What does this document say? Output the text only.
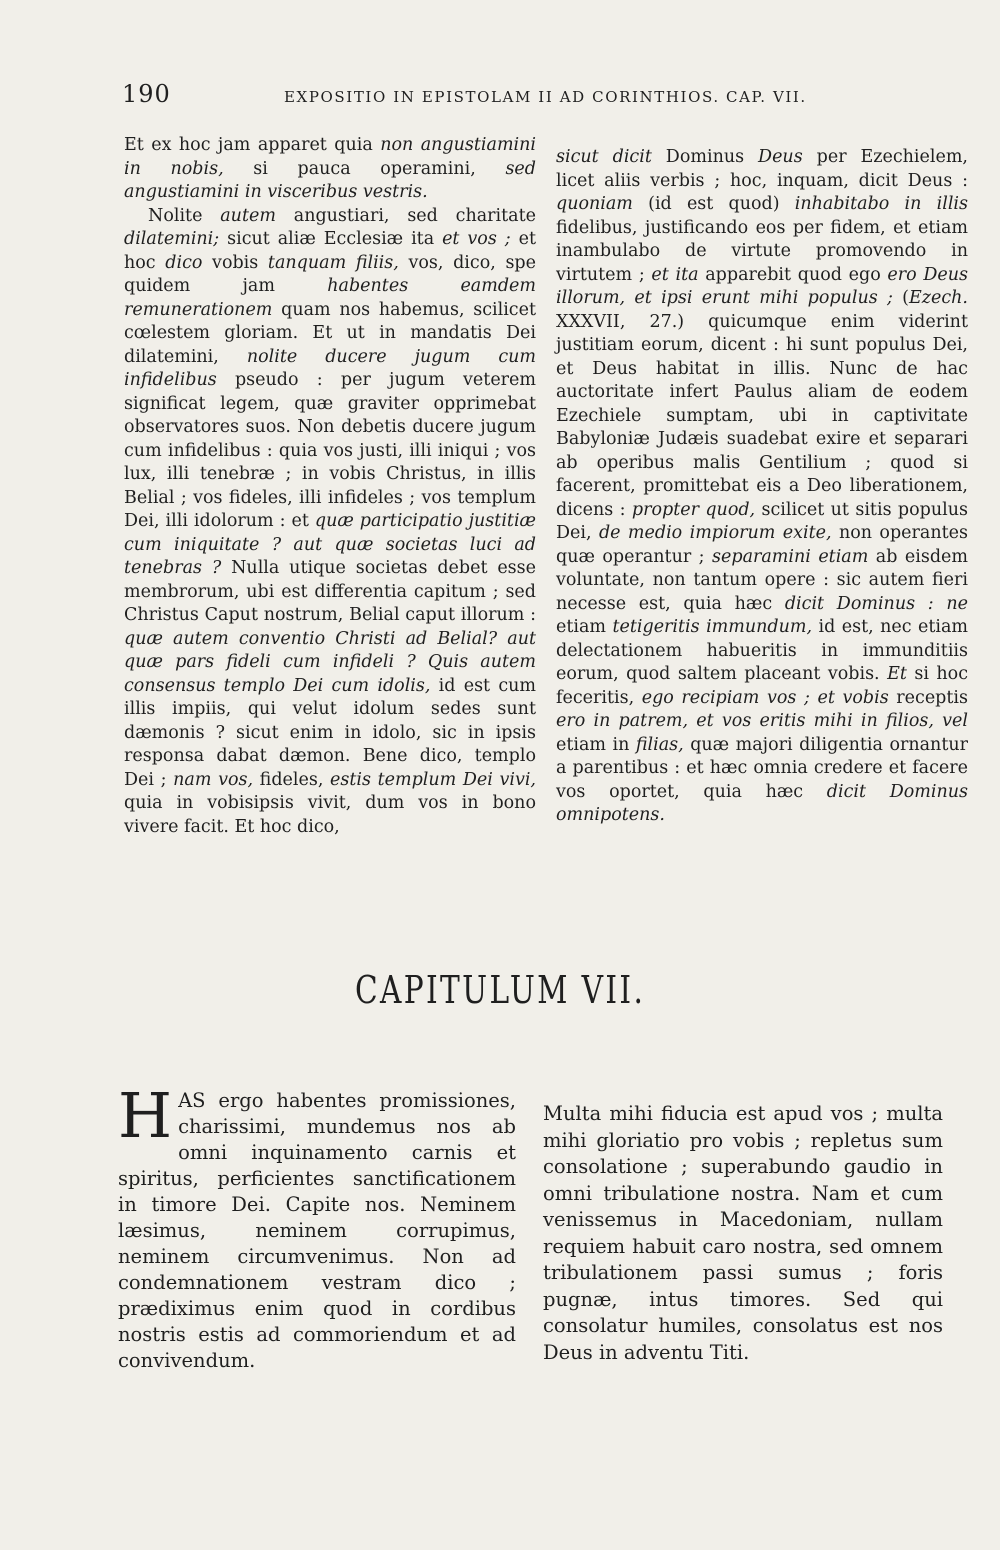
190	EXPOSITIO IN EPISTOLAM II AD CORINTHIOS. CAP. VII.

Et ex hoc jam apparet quia non angustiamini in nobis, si pauca operamini, sed angustiamini in visceribus vestris.

Nolite autem angustiari, sed charitate dilatemini; sicut aliæ Ecclesiæ ita et vos ; et hoc dico vobis tanquam filiis, vos, dico, spe quidem jam habentes eamdem remunerationem quam nos habemus, scilicet cœlestem gloriam. Et ut in mandatis Dei dilatemini, nolite ducere jugum cum infidelibus pseudo : per jugum veterem significat legem, quæ graviter opprimebat observatores suos. Non debetis ducere jugum cum infidelibus : quia vos justi, illi iniqui ; vos lux, illi tenebræ ; in vobis Christus, in illis Belial ; vos fideles, illi infideles ; vos templum Dei, illi idolorum : et quæ participatio justitiæ cum iniquitate ? aut quæ societas luci ad tenebras ? Nulla utique societas debet esse membrorum, ubi est differentia capitum ; sed Christus Caput nostrum, Belial caput illorum : quæ autem conventio Christi ad Belial? aut quæ pars fideli cum infideli ? Quis autem consensus templo Dei cum idolis, id est cum illis impiis, qui velut idolum sedes sunt dæmonis ? sicut enim in idolo, sic in ipsis responsa dabat dæmon. Bene dico, templo Dei ; nam vos, fideles, estis templum Dei vivi, quia in vobisipsis vivit, dum vos in bono vivere facit. Et hoc dico,

sicut dicit Dominus Deus per Ezechielem, licet aliis verbis ; hoc, inquam, dicit Deus : quoniam (id est quod) inhabitabo in illis fidelibus, justificando eos per fidem, et etiam inambulabo de virtute promovendo in virtutem ; et ita apparebit quod ego ero Deus illorum, et ipsi erunt mihi populus ; (Ezech. XXXVII, 27.) quicumque enim viderint justitiam eorum, dicent : hi sunt populus Dei, et Deus habitat in illis. Nunc de hac auctoritate infert Paulus aliam de eodem Ezechiele sumptam, ubi in captivitate Babyloniæ Judæis suadebat exire et separari ab operibus malis Gentilium ; quod si facerent, promittebat eis a Deo liberationem, dicens : propter quod, scilicet ut sitis populus Dei, de medio impiorum exite, non operantes quæ operantur ; separamini etiam ab eisdem voluntate, non tantum opere : sic autem fieri necesse est, quia hæc dicit Dominus : ne etiam tetigeritis immundum, id est, nec etiam delectationem habueritis in immunditiis eorum, quod saltem placeant vobis. Et si hoc feceritis, ego recipiam vos ; et vobis receptis ero in patrem, et vos eritis mihi in filios, vel etiam in filias, quæ majori diligentia ornantur a parentibus : et hæc omnia credere et facere vos oportet, quia hæc dicit Dominus omnipotens.

CAPITULUM VII.

HAS ergo habentes promissiones, charissimi, mundemus nos ab omni inquinamento carnis et spiritus, perficientes sanctificationem in timore Dei. Capite nos. Neminem læsimus, neminem corrupimus, neminem circumvenimus. Non ad condemnationem vestram dico ; prædiximus enim quod in cordibus nostris estis ad commoriendum et ad convivendum.

Multa mihi fiducia est apud vos ; multa mihi gloriatio pro vobis ; repletus sum consolatione ; superabundo gaudio in omni tribulatione nostra. Nam et cum venissemus in Macedoniam, nullam requiem habuit caro nostra, sed omnem tribulationem passi sumus ; foris pugnæ, intus timores. Sed qui consolatur humiles, consolatus est nos Deus in adventu Titi.
